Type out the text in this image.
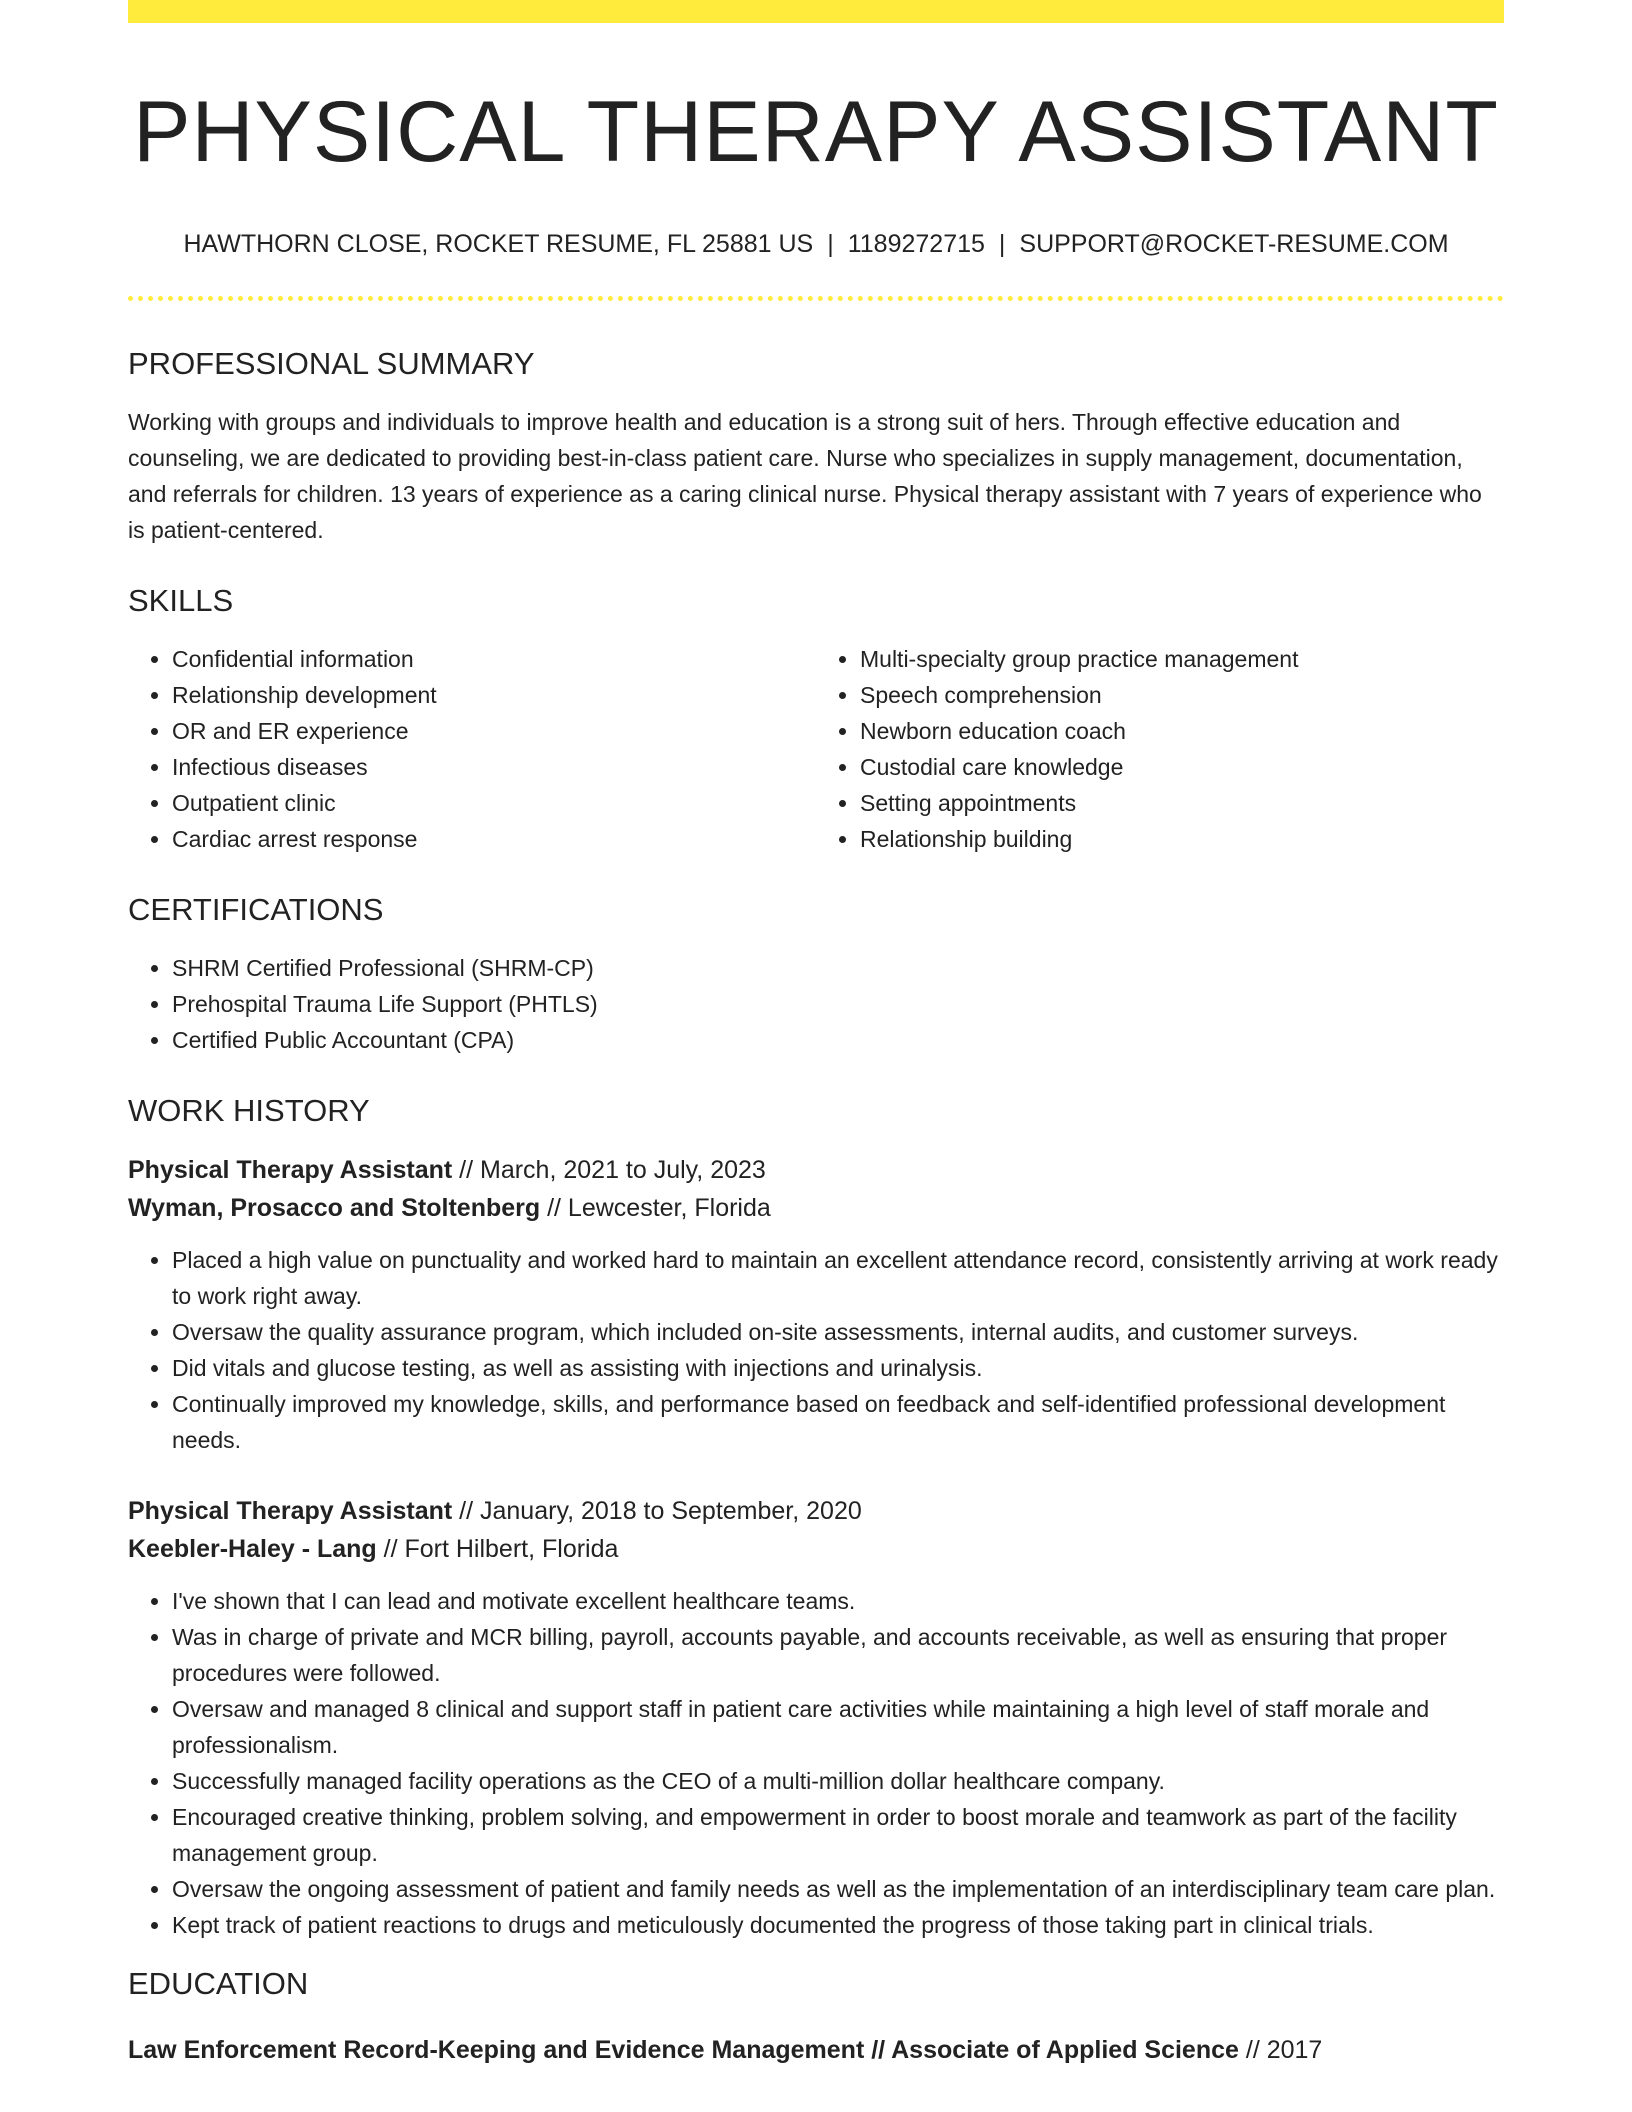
PHYSICAL THERAPY ASSISTANT
HAWTHORN CLOSE, ROCKET RESUME, FL 25881 US | 1189272715 | SUPPORT@ROCKET-RESUME.COM
PROFESSIONAL SUMMARY
Working with groups and individuals to improve health and education is a strong suit of hers. Through effective education and counseling, we are dedicated to providing best-in-class patient care. Nurse who specializes in supply management, documentation, and referrals for children. 13 years of experience as a caring clinical nurse. Physical therapy assistant with 7 years of experience who is patient-centered.
SKILLS
• Confidential information
• Relationship development
• OR and ER experience
• Infectious diseases
• Outpatient clinic
• Cardiac arrest response
• Multi-specialty group practice management
• Speech comprehension
• Newborn education coach
• Custodial care knowledge
• Setting appointments
• Relationship building
CERTIFICATIONS
• SHRM Certified Professional (SHRM-CP)
• Prehospital Trauma Life Support (PHTLS)
• Certified Public Accountant (CPA)
WORK HISTORY

Physical Therapy Assistant // March, 2021 to July, 2023

Wyman, Prosacco and Stoltenberg // Lewcester, Florida

• Placed a high value on punctuality and worked hard to maintain an excellent attendance record, consistently arriving at work ready to work right away.
• Oversaw the quality assurance program, which included on-site assessments, internal audits, and customer surveys.
• Did vitals and glucose testing, as well as assisting with injections and urinalysis.
• Continually improved my knowledge, skills, and performance based on feedback and self-identified professional development needs.

Physical Therapy Assistant // January, 2018 to September, 2020

Keebler-Haley - Lang // Fort Hilbert, Florida

• I've shown that I can lead and motivate excellent healthcare teams.
• Was in charge of private and MCR billing, payroll, accounts payable, and accounts receivable, as well as ensuring that proper procedures were followed.
• Oversaw and managed 8 clinical and support staff in patient care activities while maintaining a high level of staff morale and professionalism.
• Successfully managed facility operations as the CEO of a multi-million dollar healthcare company.
• Encouraged creative thinking, problem solving, and empowerment in order to boost morale and teamwork as part of the facility management group.
• Oversaw the ongoing assessment of patient and family needs as well as the implementation of an interdisciplinary team care plan.
• Kept track of patient reactions to drugs and meticulously documented the progress of those taking part in clinical trials.
EDUCATION

Law Enforcement Record-Keeping and Evidence Management // Associate of Applied Science // 2017
